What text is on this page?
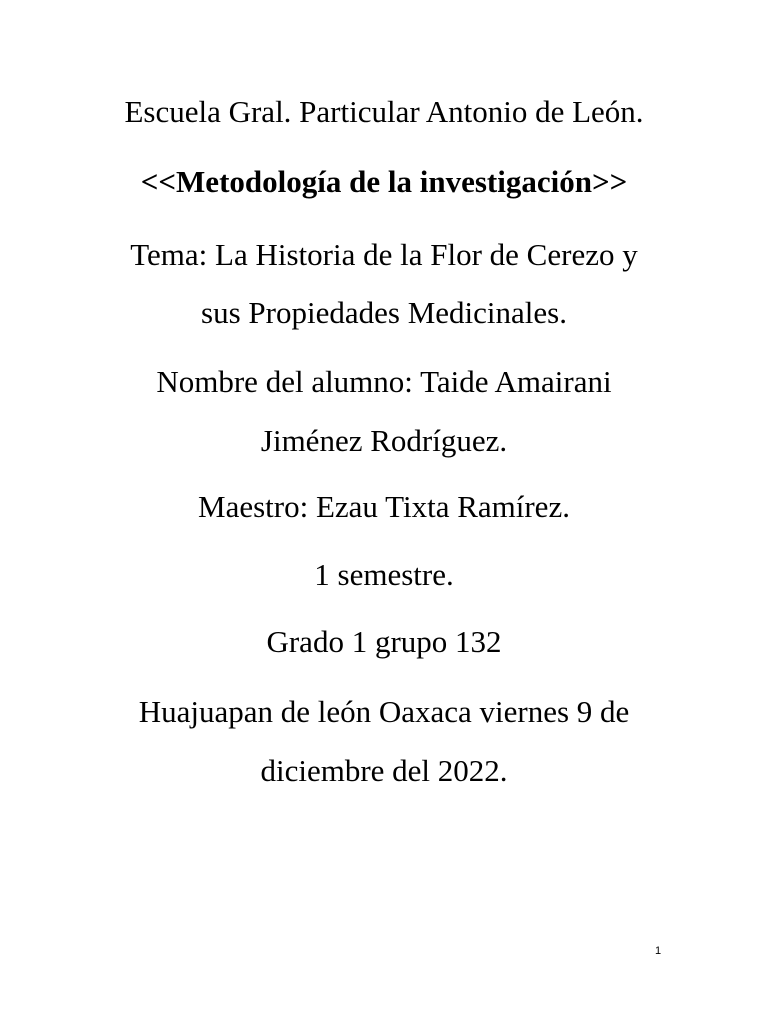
Escuela Gral. Particular Antonio de León.
<<Metodología de la investigación>>
Tema: La Historia de la Flor de Cerezo y
sus Propiedades Medicinales.
Nombre del alumno: Taide Amairani
Jiménez Rodríguez.
Maestro: Ezau Tixta Ramírez.
1 semestre.
Grado 1 grupo 132
Huajuapan de león Oaxaca viernes 9 de
diciembre del 2022.
1
